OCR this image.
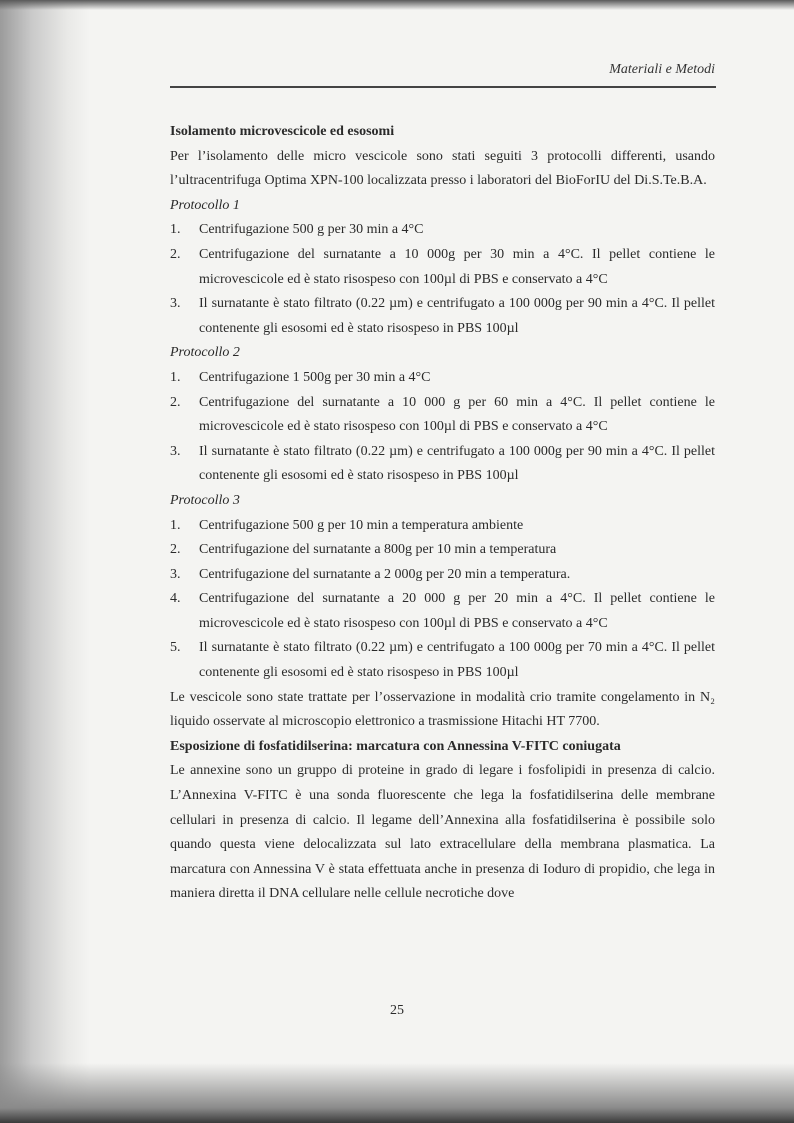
Materiali e Metodi

Isolamento microvescicole ed esosomi

Per l’isolamento delle micro vescicole sono stati seguiti 3 protocolli differenti, usando l’ultracentrifuga Optima XPN-100 localizzata presso i laboratori del BioForIU del Di.S.Te.B.A.

Protocollo 1

1. Centrifugazione 500 g per 30 min a 4°C
2. Centrifugazione del surnatante a 10 000g per 30 min a 4°C. Il pellet contiene le microvescicole ed è stato risospeso con 100µl di PBS e conservato a 4°C
3. Il surnatante è stato filtrato (0.22 µm) e centrifugato a 100 000g per 90 min a 4°C. Il pellet contenente gli esosomi ed è stato risospeso in PBS 100µl

Protocollo 2

1. Centrifugazione 1 500g per 30 min a 4°C
2. Centrifugazione del surnatante a 10 000 g per 60 min a 4°C. Il pellet contiene le microvescicole ed è stato risospeso con 100µl di PBS e conservato a 4°C
3. Il surnatante è stato filtrato (0.22 µm) e centrifugato a 100 000g per 90 min a 4°C. Il pellet contenente gli esosomi ed è stato risospeso in PBS 100µl

Protocollo 3

1. Centrifugazione 500 g per 10 min a temperatura ambiente
2. Centrifugazione del surnatante a 800g per 10 min a temperatura
3. Centrifugazione del surnatante a 2 000g per 20 min a temperatura.
4. Centrifugazione del surnatante a 20 000 g per 20 min a 4°C. Il pellet contiene le microvescicole ed è stato risospeso con 100µl di PBS e conservato a 4°C
5. Il surnatante è stato filtrato (0.22 µm) e centrifugato a 100 000g per 70 min a 4°C. Il pellet contenente gli esosomi ed è stato risospeso in PBS 100µl

Le vescicole sono state trattate per l’osservazione in modalità crio tramite congelamento in N₂ liquido osservate al microscopio elettronico a trasmissione Hitachi HT 7700.

Esposizione di fosfatidilserina: marcatura con Annessina V-FITC coniugata

Le annexine sono un gruppo di proteine in grado di legare i fosfolipidi in presenza di calcio. L’Annexina V-FITC è una sonda fluorescente che lega la fosfatidilserina delle membrane cellulari in presenza di calcio. Il legame dell’Annexina alla fosfatidilserina è possibile solo quando questa viene delocalizzata sul lato extracellulare della membrana plasmatica. La marcatura con Annessina V è stata effettuata anche in presenza di Ioduro di propidio, che lega in maniera diretta il DNA cellulare nelle cellule necrotiche dove

25
